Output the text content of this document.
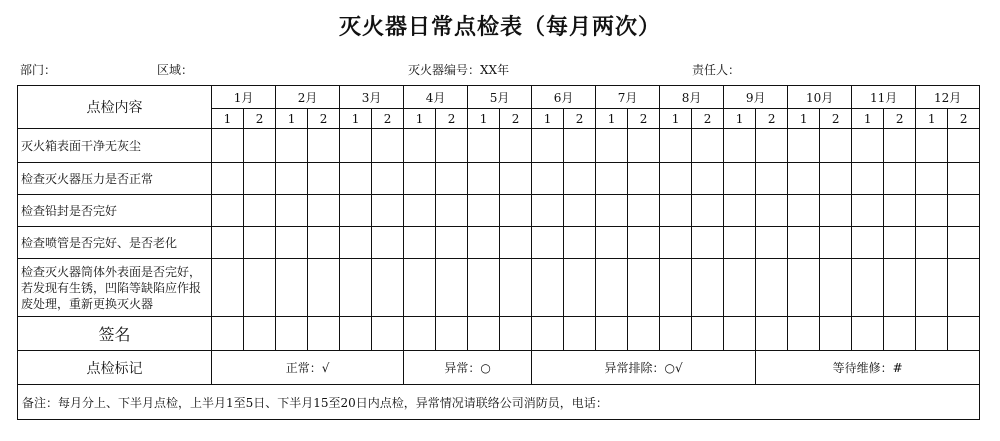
灭火器日常点检表（每月两次）
部门：	区域：	灭火器编号：XX年	责任人：
点检内容	1月		2月		3月		4月		5月		6月		7月		8月		9月		10月		11月		12月	
	1	2	1	2	1	2	1	2	1	2	1	2	1	2	1	2	1	2	1	2	1	2	1	2
灭火箱表面干净无灰尘																								
检查灭火器压力是否正常																								
检查铅封是否完好																								
检查喷管是否完好、是否老化																								
检查灭火器筒体外表面是否完好，若发现有生锈，凹陷等缺陷应作报废处理，重新更换灭火器																								
签名																								
点检标记	正常：√						异常：○				异常排除：○√							等待维修：#						
备注：每月分上、下半月点检，上半月1至5日、下半月15至20日内点检，异常情况请联络公司消防员，电话：																								
